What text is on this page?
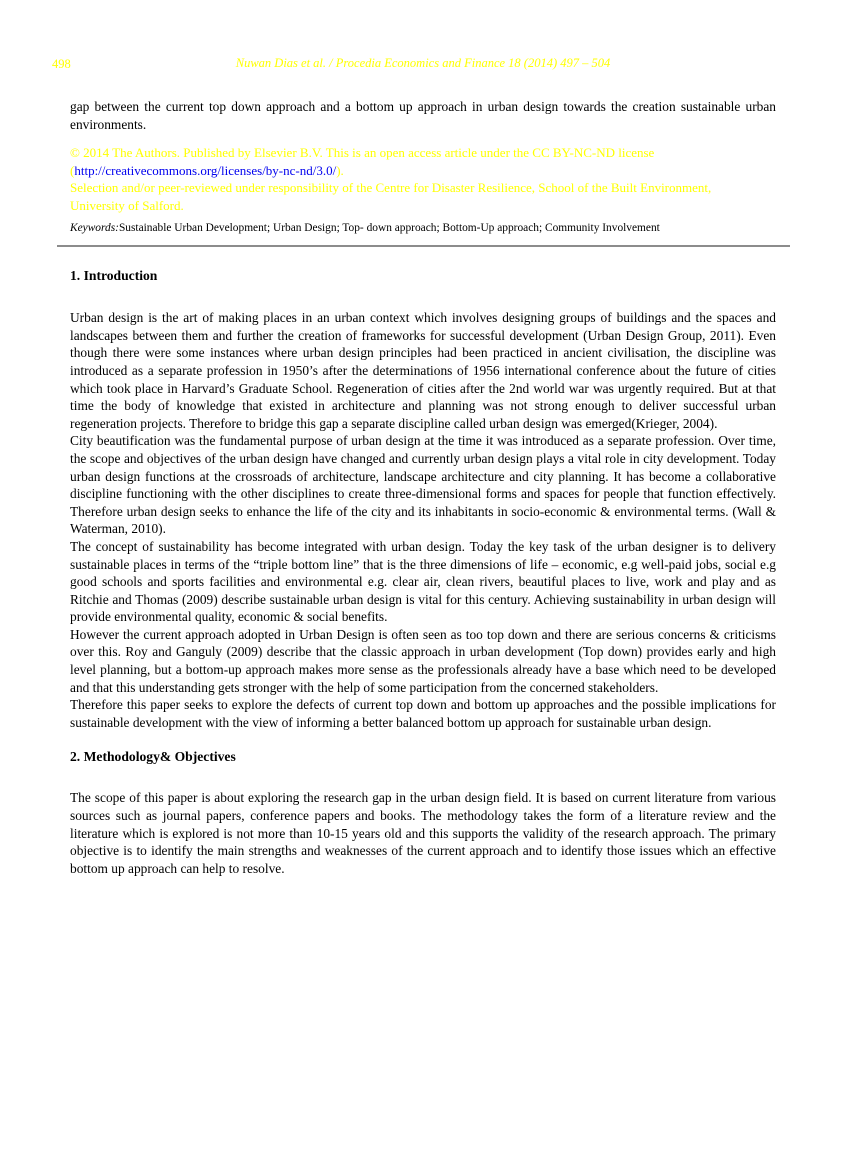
498	Nuwan Dias et al. / Procedia Economics and Finance 18 (2014) 497 – 504

gap between the current top down approach and a bottom up approach in urban design towards the creation sustainable urban environments.

© 2014 The Authors. Published by Elsevier B.V. This is an open access article under the CC BY-NC-ND license
(http://creativecommons.org/licenses/by-nc-nd/3.0/).
Selection and/or peer-reviewed under responsibility of the Centre for Disaster Resilience, School of the Built Environment,
University of Salford.

Keywords:Sustainable Urban Development; Urban Design; Top- down approach; Bottom-Up approach; Community Involvement

1. Introduction

Urban design is the art of making places in an urban context which involves designing groups of buildings and the spaces and landscapes between them and further the creation of frameworks for successful development (Urban Design Group, 2011). Even though there were some instances where urban design principles had been practiced in ancient civilisation, the discipline was introduced as a separate profession in 1950’s after the determinations of 1956 international conference about the future of cities which took place in Harvard’s Graduate School. Regeneration of cities after the 2nd world war was urgently required. But at that time the body of knowledge that existed in architecture and planning was not strong enough to deliver successful urban regeneration projects. Therefore to bridge this gap a separate discipline called urban design was emerged(Krieger, 2004).

City beautification was the fundamental purpose of urban design at the time it was introduced as a separate profession. Over time, the scope and objectives of the urban design have changed and currently urban design plays a vital role in city development. Today urban design functions at the crossroads of architecture, landscape architecture and city planning. It has become a collaborative discipline functioning with the other disciplines to create three-dimensional forms and spaces for people that function effectively. Therefore urban design seeks to enhance the life of the city and its inhabitants in socio-economic & environmental terms. (Wall & Waterman, 2010).

The concept of sustainability has become integrated with urban design. Today the key task of the urban designer is to delivery sustainable places in terms of the “triple bottom line” that is the three dimensions of life – economic, e.g well-paid jobs, social e.g good schools and sports facilities and environmental e.g. clear air, clean rivers, beautiful places to live, work and play and as Ritchie and Thomas (2009) describe sustainable urban design is vital for this century. Achieving sustainability in urban design will provide environmental quality, economic & social benefits.

However the current approach adopted in Urban Design is often seen as too top down and there are serious concerns & criticisms over this. Roy and Ganguly (2009) describe that the classic approach in urban development (Top down) provides early and high level planning, but a bottom-up approach makes more sense as the professionals already have a base which need to be developed and that this understanding gets stronger with the help of some participation from the concerned stakeholders.

Therefore this paper seeks to explore the defects of current top down and bottom up approaches and the possible implications for sustainable development with the view of informing a better balanced bottom up approach for sustainable urban design.

2. Methodology& Objectives

The scope of this paper is about exploring the research gap in the urban design field. It is based on current literature from various sources such as journal papers, conference papers and books. The methodology takes the form of a literature review and the literature which is explored is not more than 10-15 years old and this supports the validity of the research approach. The primary objective is to identify the main strengths and weaknesses of the current approach and to identify those issues which an effective bottom up approach can help to resolve.
